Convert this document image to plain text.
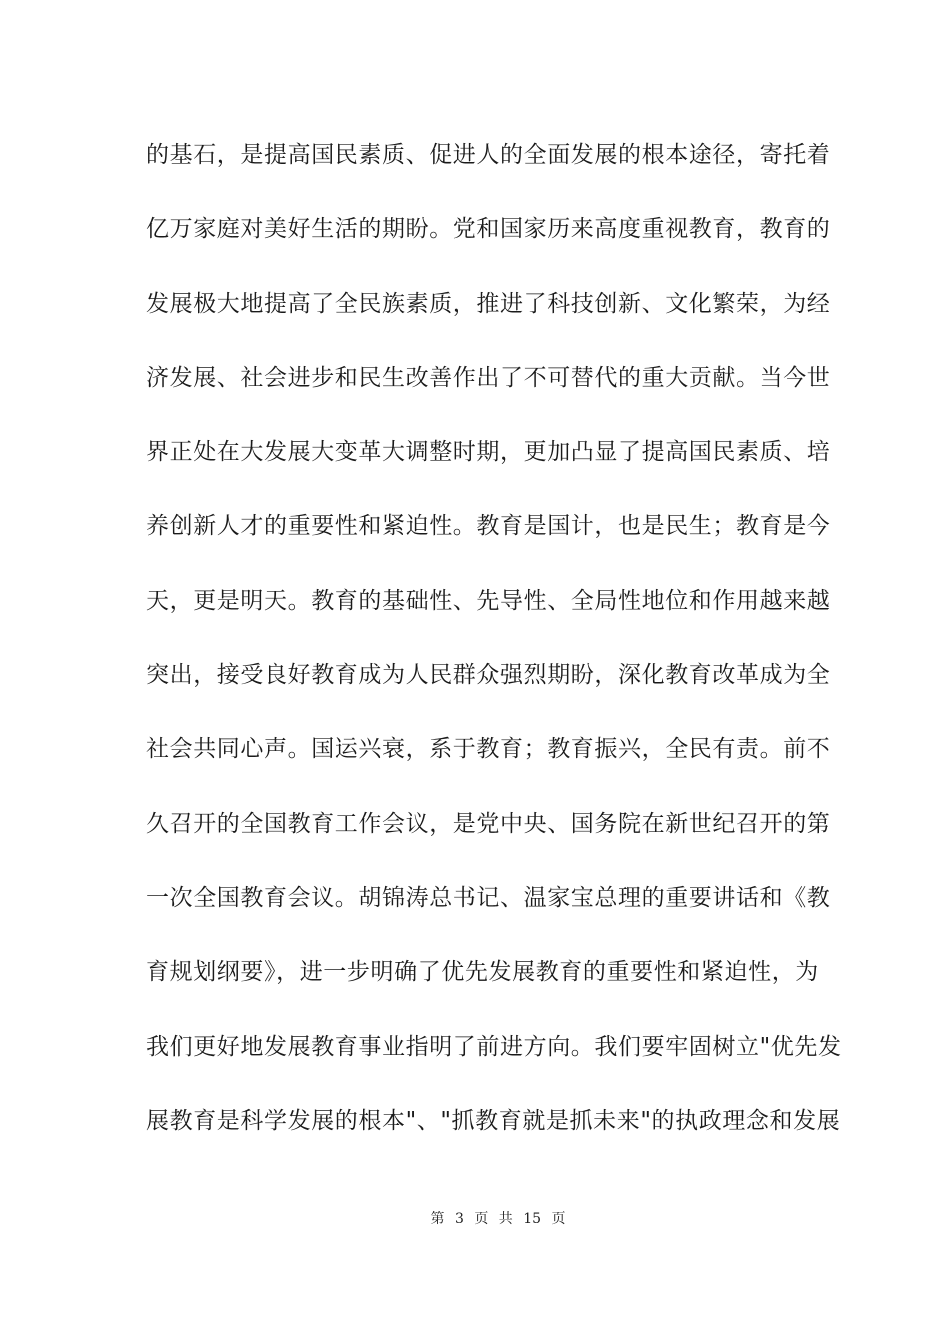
的基石，是提高国民素质、促进人的全面发展的根本途径，寄托着
亿万家庭对美好生活的期盼。党和国家历来高度重视教育，教育的
发展极大地提高了全民族素质，推进了科技创新、文化繁荣，为经
济发展、社会进步和民生改善作出了不可替代的重大贡献。当今世
界正处在大发展大变革大调整时期，更加凸显了提高国民素质、培
养创新人才的重要性和紧迫性。教育是国计，也是民生；教育是今
天，更是明天。教育的基础性、先导性、全局性地位和作用越来越
突出，接受良好教育成为人民群众强烈期盼，深化教育改革成为全
社会共同心声。国运兴衰，系于教育；教育振兴，全民有责。前不
久召开的全国教育工作会议，是党中央、国务院在新世纪召开的第
一次全国教育会议。胡锦涛总书记、温家宝总理的重要讲话和《教
育规划纲要》，进一步明确了优先发展教育的重要性和紧迫性，为
我们更好地发展教育事业指明了前进方向。我们要牢固树立"优先发
展教育是科学发展的根本"、"抓教育就是抓未来"的执政理念和发展
第 3 页 共 15 页
